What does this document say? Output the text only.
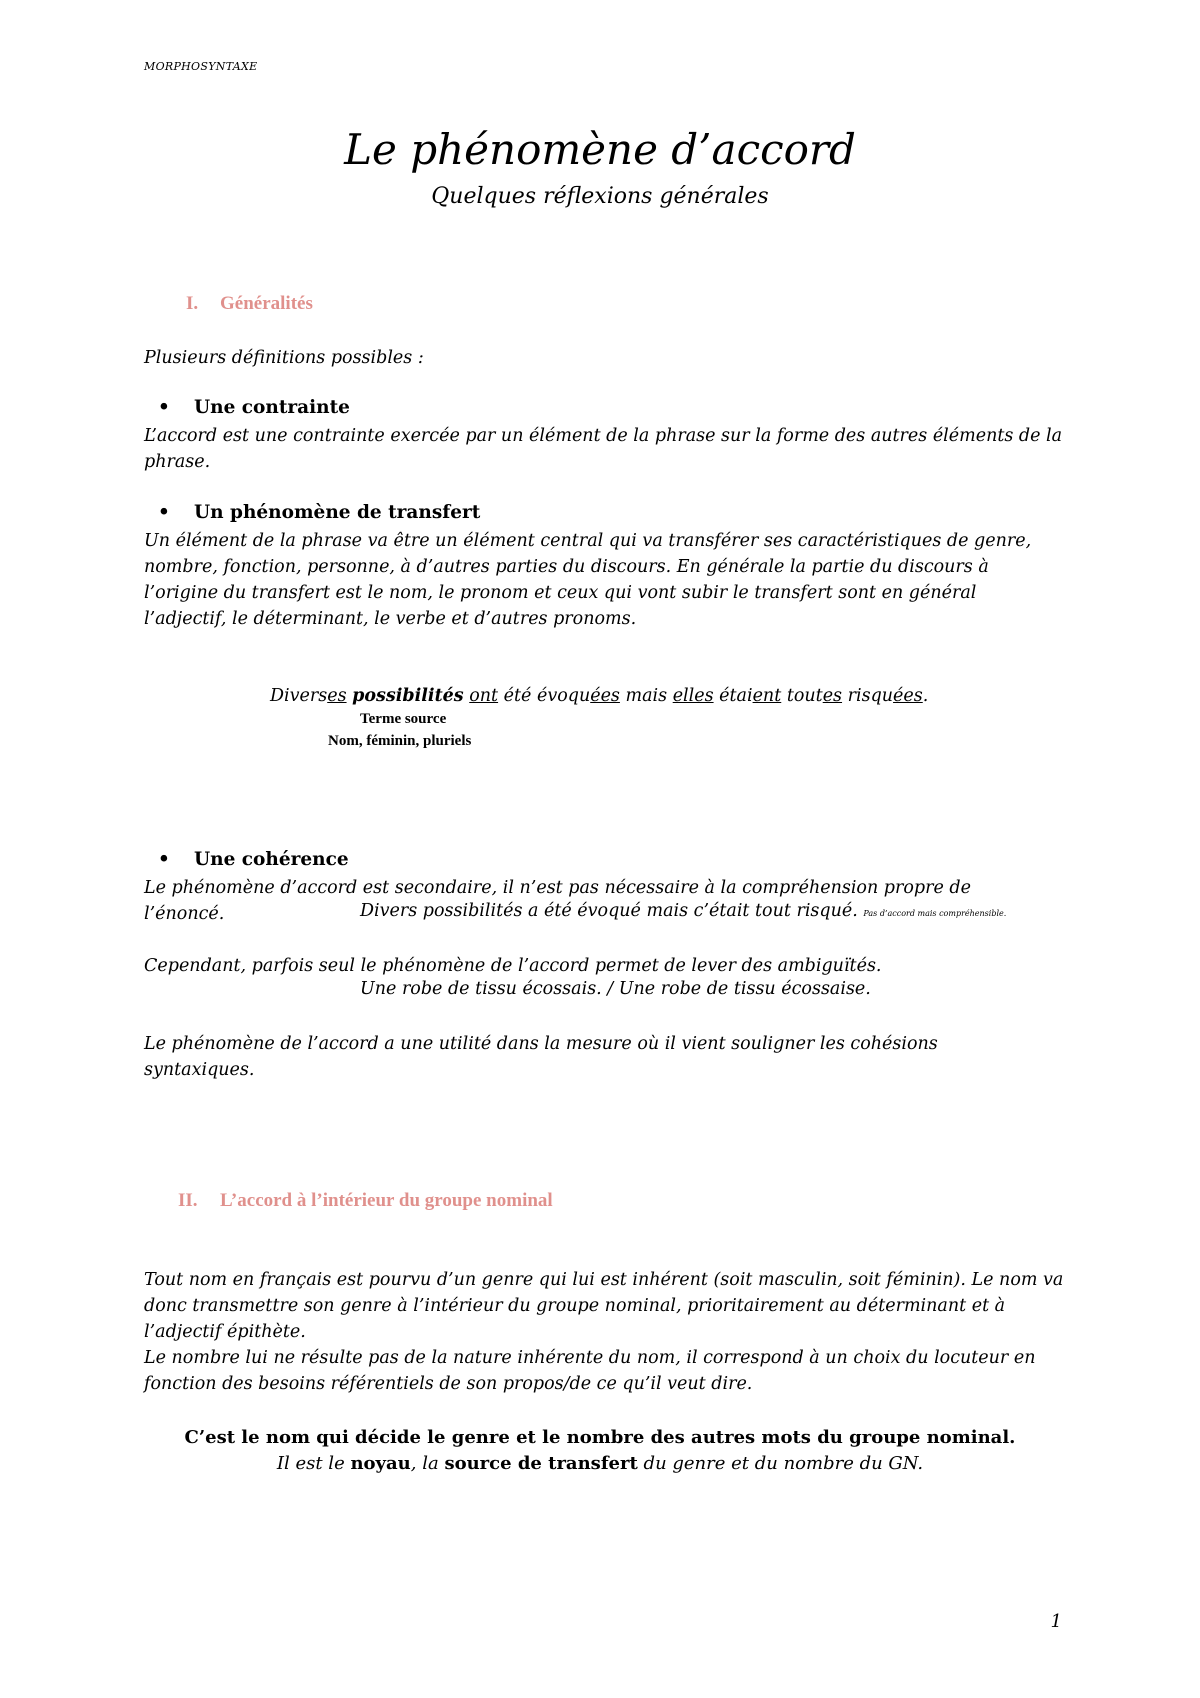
MORPHOSYNTAXE
Le phénomène d’accord
Quelques réflexions générales
I. Généralités
Plusieurs définitions possibles :
• Une contrainte
L’accord est une contrainte exercée par un élément de la phrase sur la forme des autres éléments de la phrase.
• Un phénomène de transfert
Un élément de la phrase va être un élément central qui va transférer ses caractéristiques de genre, nombre, fonction, personne, à d’autres parties du discours. En générale la partie du discours à l’origine du transfert est le nom, le pronom et ceux qui vont subir le transfert sont en général l’adjectif, le déterminant, le verbe et d’autres pronoms.
Diverses possibilités ont été évoquées mais elles étaient toutes risquées.
Terme source
Nom, féminin, pluriels
• Une cohérence
Le phénomène d’accord est secondaire, il n’est pas nécessaire à la compréhension propre de l’énoncé.	Divers possibilités a été évoqué mais c’était tout risqué. Pas d’accord mais compréhensible.
Cependant, parfois seul le phénomène de l’accord permet de lever des ambiguïtés.
Une robe de tissu écossais. / Une robe de tissu écossaise.
Le phénomène de l’accord a une utilité dans la mesure où il vient souligner les cohésions syntaxiques.
II. L’accord à l’intérieur du groupe nominal
Tout nom en français est pourvu d’un genre qui lui est inhérent (soit masculin, soit féminin). Le nom va donc transmettre son genre à l’intérieur du groupe nominal, prioritairement au déterminant et à l’adjectif épithète.
Le nombre lui ne résulte pas de la nature inhérente du nom, il correspond à un choix du locuteur en fonction des besoins référentiels de son propos/de ce qu’il veut dire.
C’est le nom qui décide le genre et le nombre des autres mots du groupe nominal.
Il est le noyau, la source de transfert du genre et du nombre du GN.
1
